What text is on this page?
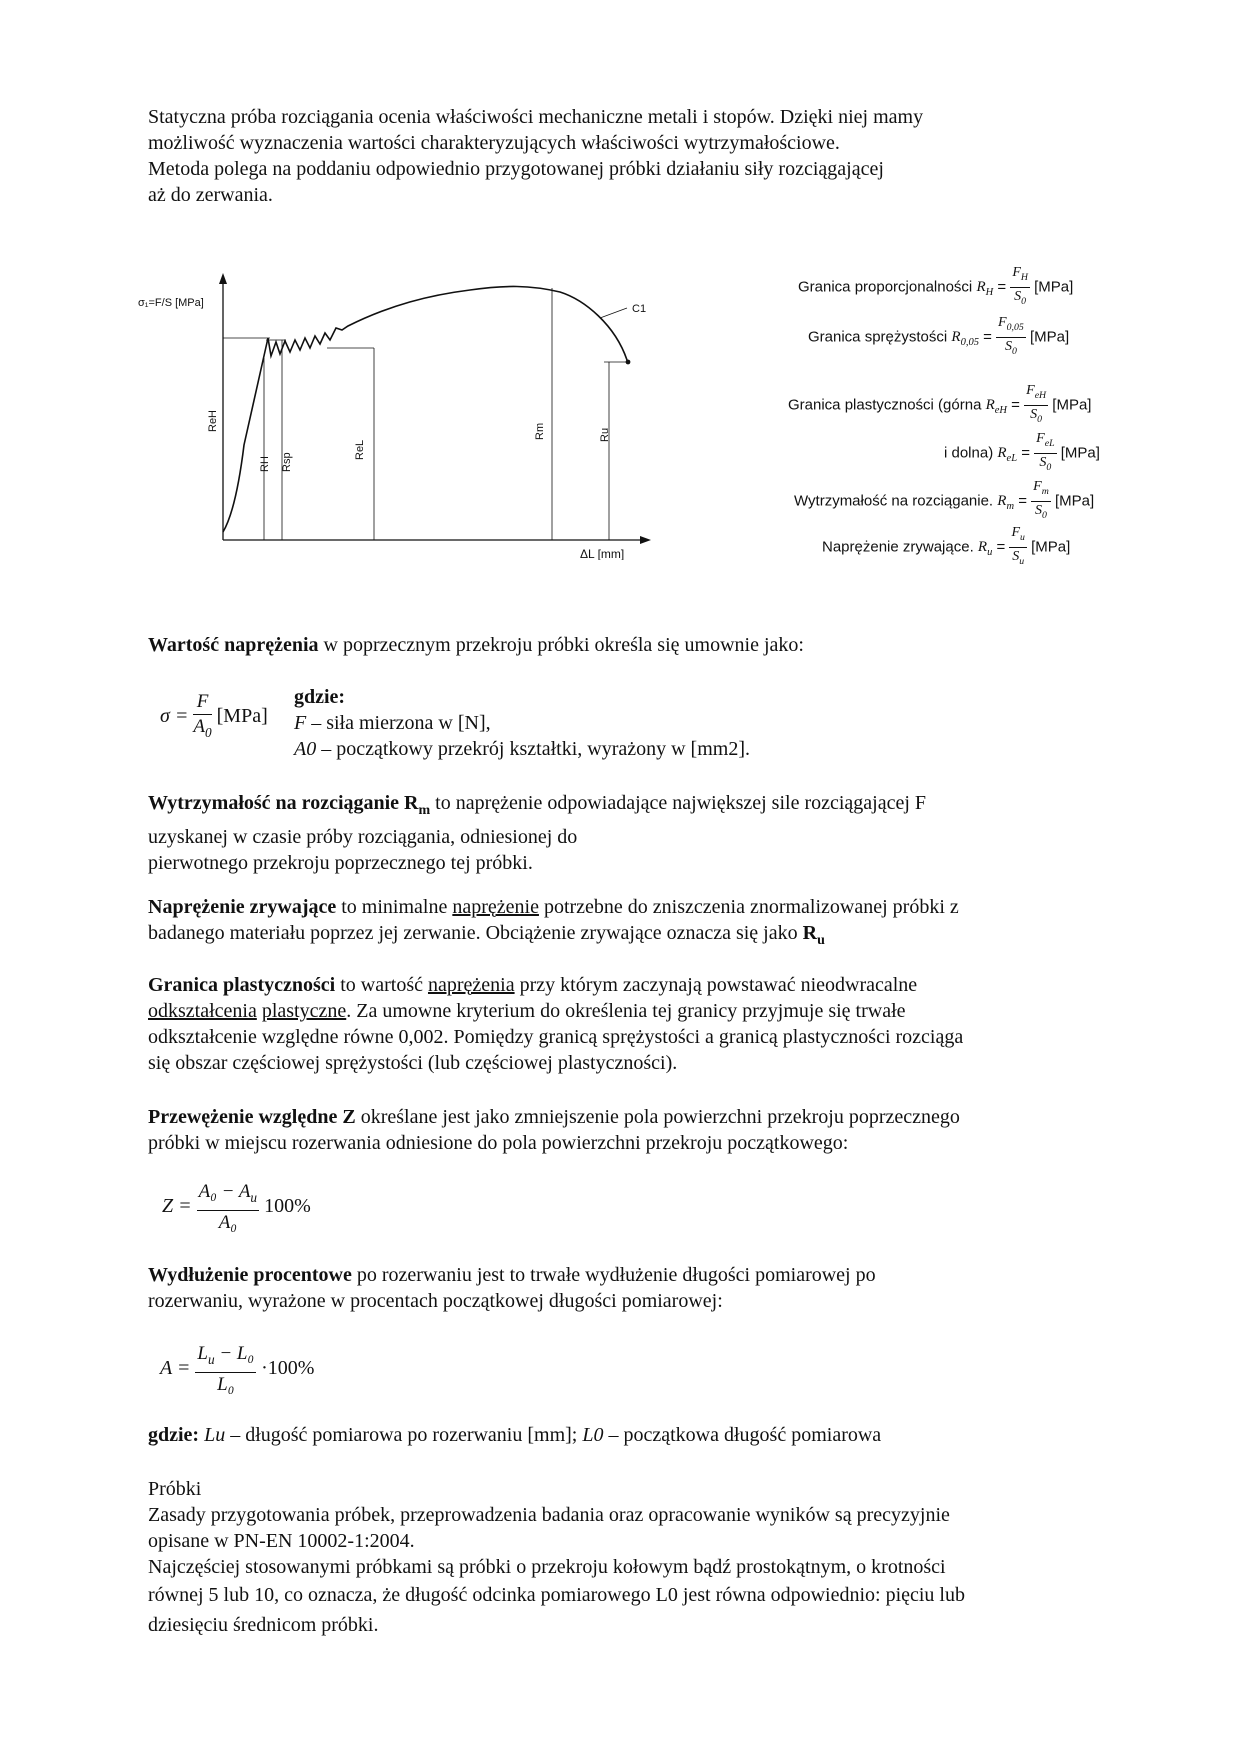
Statyczna próba rozciągania ocenia właściwości mechaniczne metali i stopów. Dzięki niej mamy
możliwość wyznaczenia wartości charakteryzujących właściwości wytrzymałościowe.
Metoda polega na poddaniu odpowiednio przygotowanej próbki działaniu siły rozciągającej
aż do zerwania.

σ₁=F/S [MPa]
ΔL [mm]
C1
ReH
RH Rsp
ReL
Rm	Ru
Granica proporcjonalności $R_H = \frac{F_H}{S_0} [MPa]$
Granica sprężystości $R_{0,05} = \frac{F_{0,05}}{S_0} [MPa]$
Granica plastyczności (górna $R_{eH} = \frac{F_{eH}}{S_0} [MPa]$
i dolna) $R_{eL} = \frac{F_{eL}}{S_0} [MPa]$
Wytrzymałość na rozciąganie. $R_m = \frac{F_m}{S_0} [MPa]$
Naprężenie zrywające. $R_u = \frac{F_u}{S_u} [MPa]$

Wartość naprężenia w poprzecznym przekroju próbki określa się umownie jako:

$\sigma = \frac{F}{A_0} [MPa]$

gdzie:
F – siła mierzona w [N],
A0 – początkowy przekrój kształtki, wyrażony w [mm2].

Wytrzymałość na rozciąganie $R_m$ to naprężenie odpowiadające największej sile rozciągającej F
uzyskanej w czasie próby rozciągania, odniesionej do
pierwotnego przekroju poprzecznego tej próbki.

Naprężenie zrywające to minimalne naprężenie potrzebne do zniszczenia znormalizowanej próbki z
badanego materiału poprzez jej zerwanie. Obciążenie zrywające oznacza się jako $R_u$

Granica plastyczności to wartość naprężenia przy którym zaczynają powstawać nieodwracalne
odkształcenia plastyczne. Za umowne kryterium do określenia tej granicy przyjmuje się trwałe
odkształcenie względne równe 0,002. Pomiędzy granicą sprężystości a granicą plastyczności rozciąga
się obszar częściowej sprężystości (lub częściowej plastyczności).

Przewężenie względne Z określane jest jako zmniejszenie pola powierzchni przekroju poprzecznego
próbki w miejscu rozerwania odniesione do pola powierzchni przekroju początkowego:

$Z = \frac{A_0 - A_u}{\text{A₀}} 100\%$

Wydłużenie procentowe po rozerwaniu jest to trwałe wydłużenie długości pomiarowej po
rozerwaniu, wyrażone w procentach początkowej długości pomiarowej:

$A = \frac{L_u - L_0}{\text{L₀}} \cdot 100\%$

gdzie: Lu – długość pomiarowa po rozerwaniu [mm]; L0 – początkowa długość pomiarowa

Próbki
Zasady przygotowania próbek, przeprowadzenia badania oraz opracowanie wyników są precyzyjnie
opisane w PN-EN 10002-1:2004.
Najczęściej stosowanymi próbkami są próbki o przekroju kołowym bądź prostokątnym, o krotności
równej 5 lub 10, co oznacza, że długość odcinka pomiarowego L0 jest równa odpowiednio: pięciu lub
dziesięciu średnicom próbki.
